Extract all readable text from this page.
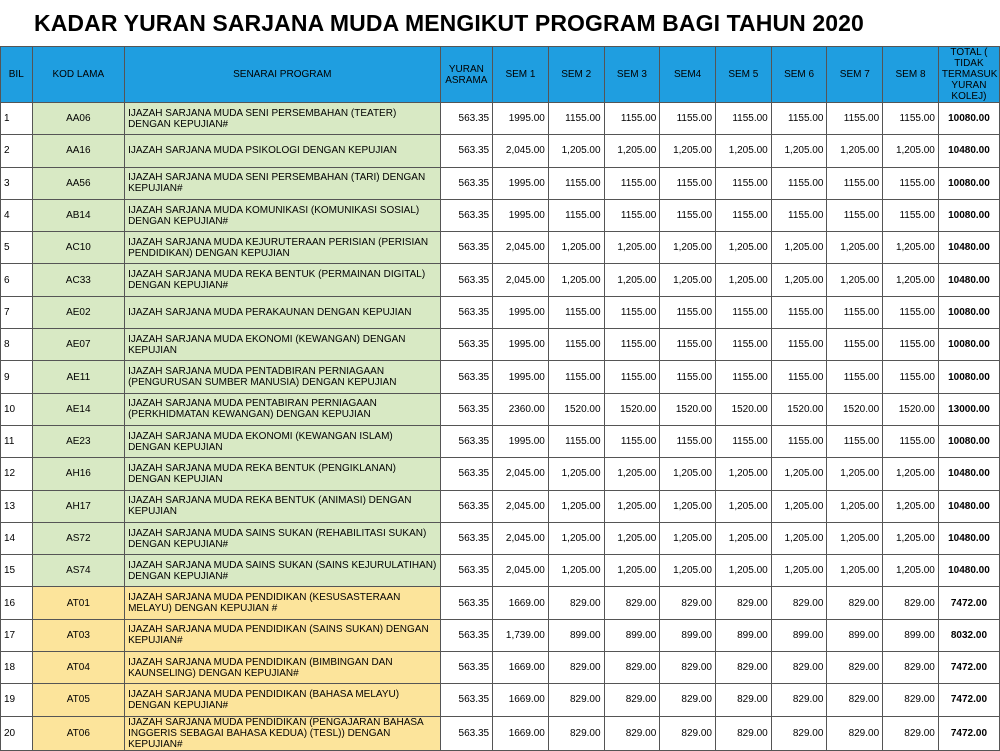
KADAR YURAN SARJANA MUDA MENGIKUT PROGRAM BAGI TAHUN 2020
BIL	KOD LAMA	SENARAI PROGRAM	YURAN ASRAMA	SEM 1	SEM 2	SEM 3	SEM4	SEM 5	SEM 6	SEM 7	SEM 8	TOTAL ( TIDAK TERMASUK YURAN KOLEJ)
1	AA06	IJAZAH SARJANA MUDA SENI PERSEMBAHAN (TEATER) DENGAN KEPUJIAN#	563.35	1995.00	1155.00	1155.00	1155.00	1155.00	1155.00	1155.00	1155.00	10080.00
2	AA16	IJAZAH SARJANA MUDA PSIKOLOGI DENGAN KEPUJIAN	563.35	2,045.00	1,205.00	1,205.00	1,205.00	1,205.00	1,205.00	1,205.00	1,205.00	10480.00
3	AA56	IJAZAH SARJANA MUDA SENI PERSEMBAHAN (TARI) DENGAN KEPUJIAN#	563.35	1995.00	1155.00	1155.00	1155.00	1155.00	1155.00	1155.00	1155.00	10080.00
4	AB14	IJAZAH SARJANA MUDA KOMUNIKASI (KOMUNIKASI SOSIAL) DENGAN KEPUJIAN#	563.35	1995.00	1155.00	1155.00	1155.00	1155.00	1155.00	1155.00	1155.00	10080.00
5	AC10	IJAZAH SARJANA MUDA KEJURUTERAAN PERISIAN (PERISIAN PENDIDIKAN) DENGAN KEPUJIAN	563.35	2,045.00	1,205.00	1,205.00	1,205.00	1,205.00	1,205.00	1,205.00	1,205.00	10480.00
6	AC33	IJAZAH SARJANA MUDA REKA BENTUK (PERMAINAN DIGITAL) DENGAN KEPUJIAN#	563.35	2,045.00	1,205.00	1,205.00	1,205.00	1,205.00	1,205.00	1,205.00	1,205.00	10480.00
7	AE02	IJAZAH SARJANA MUDA PERAKAUNAN DENGAN KEPUJIAN	563.35	1995.00	1155.00	1155.00	1155.00	1155.00	1155.00	1155.00	1155.00	10080.00
8	AE07	IJAZAH SARJANA MUDA EKONOMI (KEWANGAN) DENGAN KEPUJIAN	563.35	1995.00	1155.00	1155.00	1155.00	1155.00	1155.00	1155.00	1155.00	10080.00
9	AE11	IJAZAH SARJANA MUDA PENTADBIRAN PERNIAGAAN (PENGURUSAN SUMBER MANUSIA) DENGAN KEPUJIAN	563.35	1995.00	1155.00	1155.00	1155.00	1155.00	1155.00	1155.00	1155.00	10080.00
10	AE14	IJAZAH SARJANA MUDA PENTABIRAN PERNIAGAAN (PERKHIDMATAN KEWANGAN) DENGAN KEPUJIAN	563.35	2360.00	1520.00	1520.00	1520.00	1520.00	1520.00	1520.00	1520.00	13000.00
11	AE23	IJAZAH SARJANA MUDA EKONOMI (KEWANGAN ISLAM) DENGAN KEPUJIAN	563.35	1995.00	1155.00	1155.00	1155.00	1155.00	1155.00	1155.00	1155.00	10080.00
12	AH16	IJAZAH SARJANA MUDA REKA BENTUK (PENGIKLANAN) DENGAN KEPUJIAN	563.35	2,045.00	1,205.00	1,205.00	1,205.00	1,205.00	1,205.00	1,205.00	1,205.00	10480.00
13	AH17	IJAZAH SARJANA MUDA REKA BENTUK (ANIMASI) DENGAN KEPUJIAN	563.35	2,045.00	1,205.00	1,205.00	1,205.00	1,205.00	1,205.00	1,205.00	1,205.00	10480.00
14	AS72	IJAZAH SARJANA MUDA SAINS SUKAN (REHABILITASI SUKAN) DENGAN KEPUJIAN#	563.35	2,045.00	1,205.00	1,205.00	1,205.00	1,205.00	1,205.00	1,205.00	1,205.00	10480.00
15	AS74	IJAZAH SARJANA MUDA SAINS SUKAN (SAINS KEJURULATIHAN) DENGAN KEPUJIAN#	563.35	2,045.00	1,205.00	1,205.00	1,205.00	1,205.00	1,205.00	1,205.00	1,205.00	10480.00
16	AT01	IJAZAH SARJANA MUDA PENDIDIKAN (KESUSASTERAAN MELAYU) DENGAN KEPUJIAN #	563.35	1669.00	829.00	829.00	829.00	829.00	829.00	829.00	829.00	7472.00
17	AT03	IJAZAH SARJANA MUDA PENDIDIKAN (SAINS SUKAN) DENGAN KEPUJIAN#	563.35	1,739.00	899.00	899.00	899.00	899.00	899.00	899.00	899.00	8032.00
18	AT04	IJAZAH SARJANA MUDA PENDIDIKAN (BIMBINGAN DAN KAUNSELING) DENGAN KEPUJIAN#	563.35	1669.00	829.00	829.00	829.00	829.00	829.00	829.00	829.00	7472.00
19	AT05	IJAZAH SARJANA MUDA PENDIDIKAN (BAHASA MELAYU) DENGAN KEPUJIAN#	563.35	1669.00	829.00	829.00	829.00	829.00	829.00	829.00	829.00	7472.00
20	AT06	IJAZAH SARJANA MUDA PENDIDIKAN (PENGAJARAN BAHASA INGGERIS SEBAGAI BAHASA KEDUA) (TESL)) DENGAN KEPUJIAN#	563.35	1669.00	829.00	829.00	829.00	829.00	829.00	829.00	829.00	7472.00
